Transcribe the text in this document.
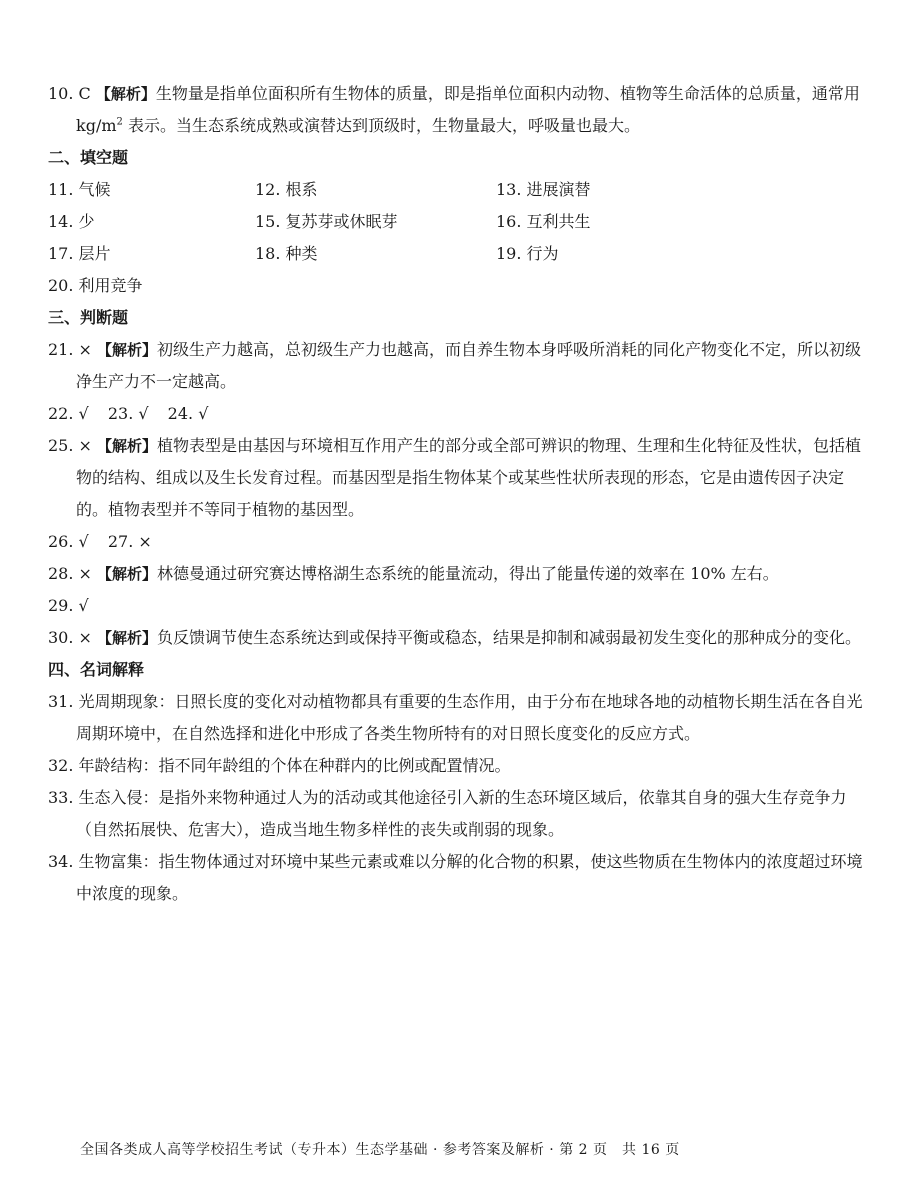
10. C 【解析】生物量是指单位面积所有生物体的质量，即是指单位面积内动物、植物等生命活体的总质量，通常用 $kg/m^2$ 表示。当生态系统成熟或演替达到顶级时，生物量最大，呼吸量也最大。

二、填空题

11. 气候	12. 根系	13. 进展演替
14. 少	15. 复苏芽或休眠芽	16. 互利共生
17. 层片	18. 种类	19. 行为
20. 利用竞争

三、判断题

21. × 【解析】初级生产力越高，总初级生产力也越高，而自养生物本身呼吸所消耗的同化产物变化不定，所以初级净生产力不一定越高。

22. √ 23. √ 24. √

25. × 【解析】植物表型是由基因与环境相互作用产生的部分或全部可辨识的物理、生理和生化特征及性状，包括植物的结构、组成以及生长发育过程。而基因型是指生物体某个或某些性状所表现的形态，它是由遗传因子决定的。植物表型并不等同于植物的基因型。

26. √ 27. ×

28. × 【解析】林德曼通过研究赛达博格湖生态系统的能量流动，得出了能量传递的效率在 10% 左右。

29. √

30. × 【解析】负反馈调节使生态系统达到或保持平衡或稳态，结果是抑制和减弱最初发生变化的那种成分的变化。

四、名词解释

31. 光周期现象：日照长度的变化对动植物都具有重要的生态作用，由于分布在地球各地的动植物长期生活在各自光周期环境中，在自然选择和进化中形成了各类生物所特有的对日照长度变化的反应方式。

32. 年龄结构：指不同年龄组的个体在种群内的比例或配置情况。

33. 生态入侵：是指外来物种通过人为的活动或其他途径引入新的生态环境区域后，依靠其自身的强大生存竞争力（自然拓展快、危害大），造成当地生物多样性的丧失或削弱的现象。

34. 生物富集：指生物体通过对环境中某些元素或难以分解的化合物的积累，使这些物质在生物体内的浓度超过环境中浓度的现象。

全国各类成人高等学校招生考试（专升本）生态学基础 · 参考答案及解析 · 第 2 页　共 16 页
